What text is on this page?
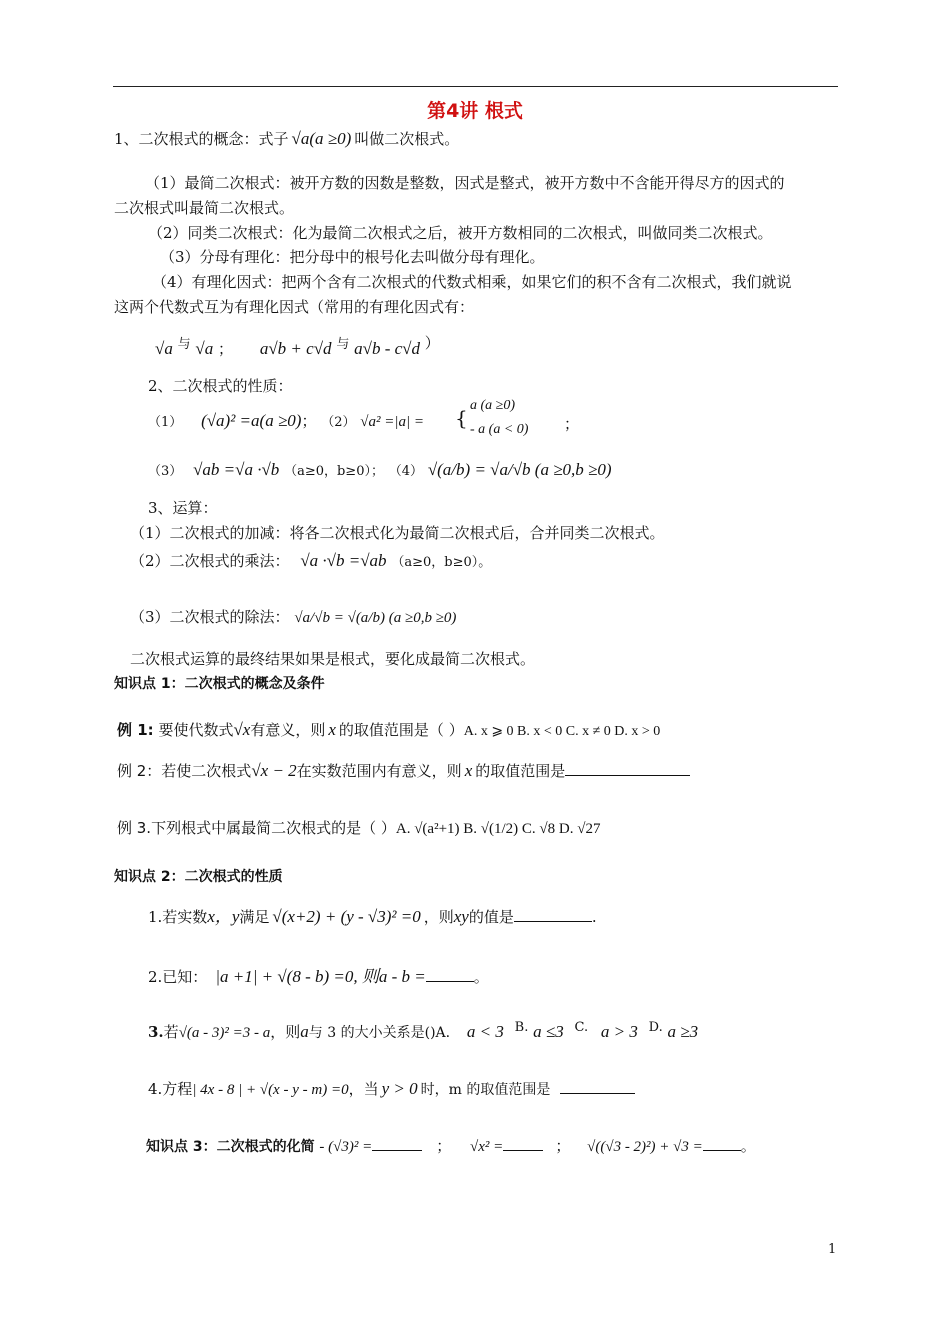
第4讲 根式
1、二次根式的概念：式子 √a(a ≥0) 叫做二次根式。
（1）最简二次根式：被开方数的因数是整数，因式是整式，被开方数中不含能开得尽方的因式的
二次根式叫最简二次根式。
（2）同类二次根式：化为最简二次根式之后，被开方数相同的二次根式，叫做同类二次根式。
（3）分母有理化：把分母中的根号化去叫做分母有理化。
（4）有理化因式：把两个含有二次根式的代数式相乘，如果它们的积不含有二次根式，我们就说
这两个代数式互为有理化因式（常用的有理化因式有：
√a 与 √a ； a√b + c√d 与 a√b - c√d ）
2、二次根式的性质：
（1） (√a)² =a(a ≥0)； （2） √a² =|a| = {
a (a ≥0)
- a (a < 0) ；
（3） √ab =√a ·√b （a≥0，b≥0）； （4） √(a/b) = √a/√b (a ≥0,b ≥0)
3、运算：
（1）二次根式的加减：将各二次根式化为最简二次根式后，合并同类二次根式。
（2）二次根式的乘法： √a ·√b =√ab （a≥0，b≥0）。
（3）二次根式的除法： √a/√b = √(a/b) (a ≥0,b ≥0)
二次根式运算的最终结果如果是根式，要化成最简二次根式。
知识点 1：二次根式的概念及条件
例 1: 要使代数式√x有意义，则 x 的取值范围是（ ）A. x ⩾ 0 B. x < 0 C. x ≠ 0 D. x > 0
例 2：若使二次根式√x − 2在实数范围内有意义，则 x 的取值范围是
例 3.下列根式中属最简二次根式的是（ ）A. √(a²+1) B. √(1/2) C. √8 D. √27
知识点 2：二次根式的性质
1.若实数x，y满足 √(x+2) + (y - √3)² =0 ，则xy的值是	.
2.已知： |a +1| + √(8 - b) =0, 则a - b =	。
3.若√(a - 3)² =3 - a，则a与 3 的大小关系是()A. a < 3 B. a ≤3 C. a > 3 D. a ≥3
4.方程| 4x - 8 | + √(x - y - m) =0，当 y > 0 时，m 的取值范围是
知识点 3：二次根式的化简 - (√3)² =	； √x² =	； √((√3 - 2)²) + √3 =	。
1
